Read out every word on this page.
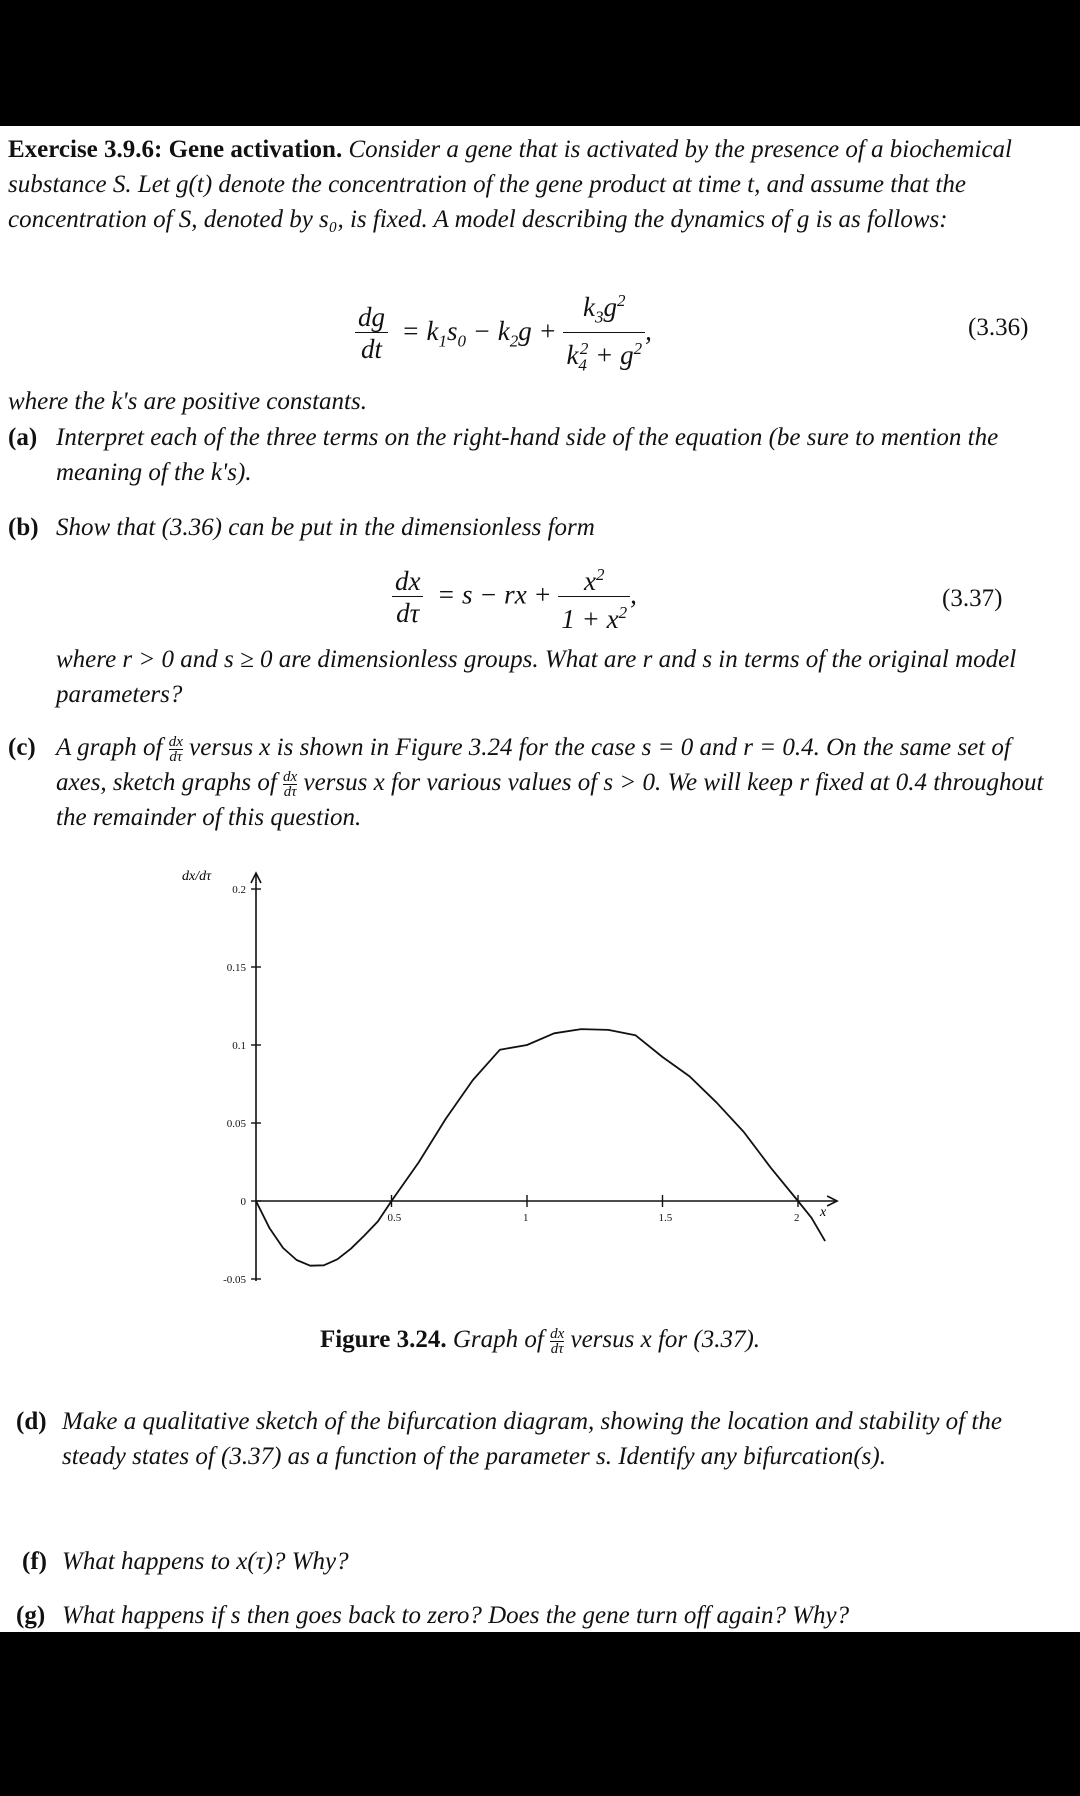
Exercise 3.9.6: Gene activation. Consider a gene that is activated by the presence of a biochemical substance S. Let g(t) denote the concentration of the gene product at time t, and assume that the concentration of S, denoted by s₀, is fixed. A model describing the dynamics of g is as follows:

$\frac{dg}{dt} = k_1s_0 - k_2g + \frac{k_3g^2}{k_4^2 + g^2}$ ,	(3.36)

where the k's are positive constants.

(a) Interpret each of the three terms on the right-hand side of the equation (be sure to mention the meaning of the k's).
(b) Show that (3.36) can be put in the dimensionless form
$\frac{dx}{d\tau} = s$ − rx + $\frac{x^2}{1 + x^2}$ ,	(3.37)
where r > 0 and s ≥ 0 are dimensionless groups. What are r and s in terms of the original model parameters?
(c) A graph of $\frac{dx}{d\tau}$ versus x is shown in Figure 3.24 for the case s = 0 and r = 0.4. On the same set of axes, sketch graphs of $\frac{dx}{d\tau}$ versus x for various values of s > 0. We will keep r fixed at 0.4 throughout the remainder of this question.
0.2
0.15
0.1
0.05
0
-0.05
0.5	1	1.5	2
dx/dτ
x
Figure 3.24. Graph of $\frac{dx}{d\tau}$ versus x for (3.37).
(d) Make a qualitative sketch of the bifurcation diagram, showing the location and stability of the steady states of (3.37) as a function of the parameter s. Identify any bifurcation(s).
(f) What happens to x(τ)? Why?
(g) What happens if s then goes back to zero? Does the gene turn off again? Why?
